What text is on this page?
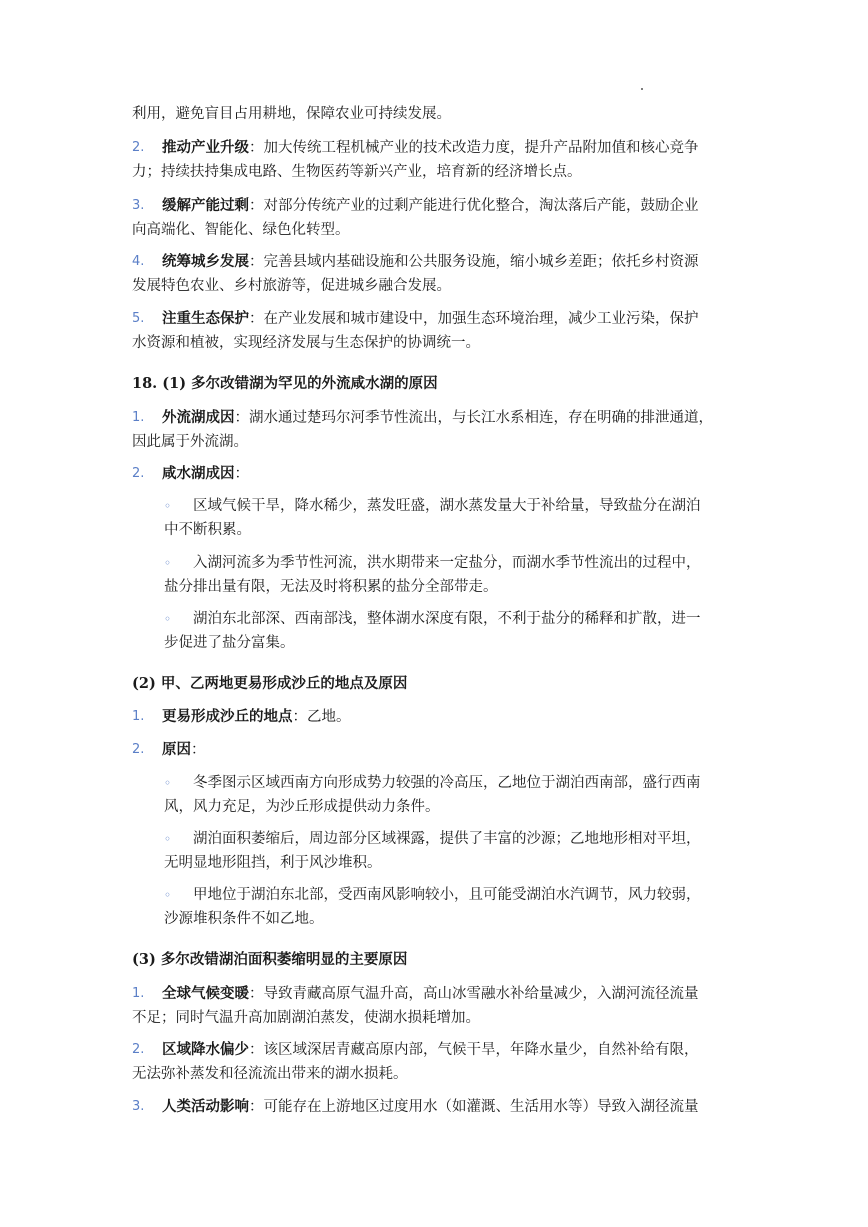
利用，避免盲目占用耕地，保障农业可持续发展。
2. 推动产业升级：加大传统工程机械产业的技术改造力度，提升产品附加值和核心竞争
力；持续扶持集成电路、生物医药等新兴产业，培育新的经济增长点。
3. 缓解产能过剩：对部分传统产业的过剩产能进行优化整合，淘汰落后产能，鼓励企业
向高端化、智能化、绿色化转型。
4. 统筹城乡发展：完善县域内基础设施和公共服务设施，缩小城乡差距；依托乡村资源
发展特色农业、乡村旅游等，促进城乡融合发展。
5. 注重生态保护：在产业发展和城市建设中，加强生态环境治理，减少工业污染，保护
水资源和植被，实现经济发展与生态保护的协调统一。
18. (1) 多尔改错湖为罕见的外流咸水湖的原因
1. 外流湖成因：湖水通过楚玛尔河季节性流出，与长江水系相连，存在明确的排泄通道，
因此属于外流湖。
2. 咸水湖成因：
◦ 区域气候干旱，降水稀少，蒸发旺盛，湖水蒸发量大于补给量，导致盐分在湖泊
中不断积累。
◦ 入湖河流多为季节性河流，洪水期带来一定盐分，而湖水季节性流出的过程中，
盐分排出量有限，无法及时将积累的盐分全部带走。
◦ 湖泊东北部深、西南部浅，整体湖水深度有限，不利于盐分的稀释和扩散，进一
步促进了盐分富集。
(2) 甲、乙两地更易形成沙丘的地点及原因
1. 更易形成沙丘的地点：乙地。
2. 原因：
◦ 冬季图示区域西南方向形成势力较强的冷高压，乙地位于湖泊西南部，盛行西南
风，风力充足，为沙丘形成提供动力条件。
◦ 湖泊面积萎缩后，周边部分区域裸露，提供了丰富的沙源；乙地地形相对平坦，
无明显地形阻挡，利于风沙堆积。
◦ 甲地位于湖泊东北部，受西南风影响较小，且可能受湖泊水汽调节，风力较弱，
沙源堆积条件不如乙地。
(3) 多尔改错湖泊面积萎缩明显的主要原因
1. 全球气候变暖：导致青藏高原气温升高，高山冰雪融水补给量减少，入湖河流径流量
不足；同时气温升高加剧湖泊蒸发，使湖水损耗增加。
2. 区域降水偏少：该区域深居青藏高原内部，气候干旱，年降水量少，自然补给有限，
无法弥补蒸发和径流流出带来的湖水损耗。
3. 人类活动影响：可能存在上游地区过度用水（如灌溉、生活用水等）导致入湖径流量
